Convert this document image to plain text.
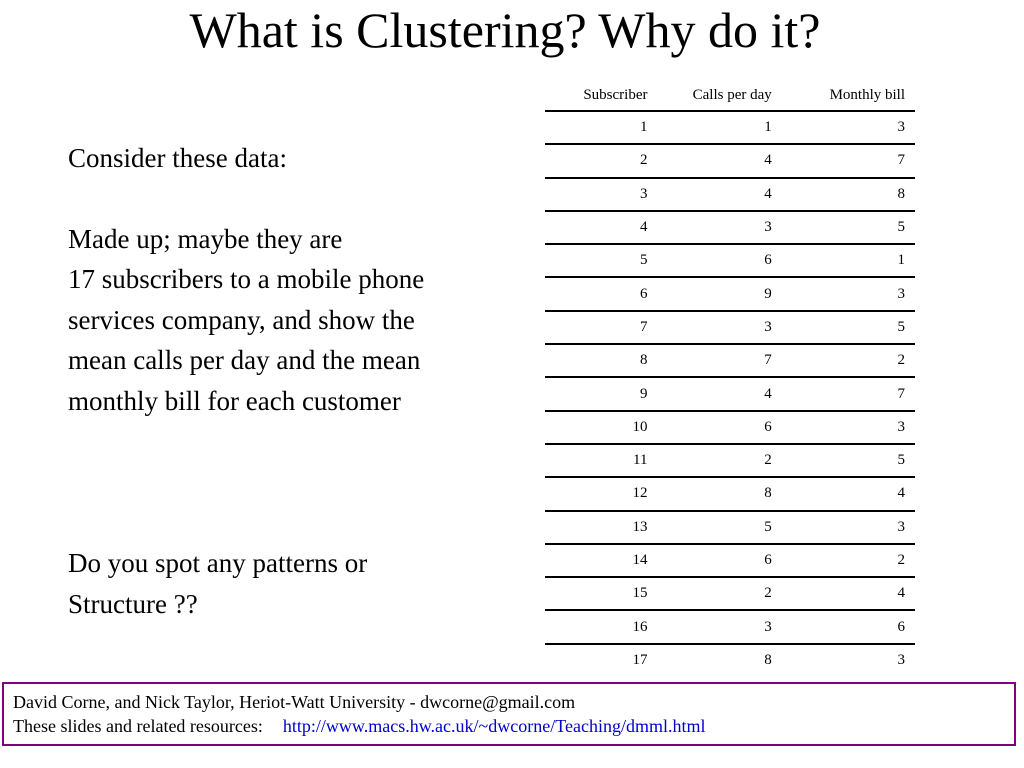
What is Clustering? Why do it?
Consider these data:
Made up; maybe they are
17 subscribers to a mobile phone
services company, and show the
mean calls per day and the mean
monthly bill for each customer
Do you spot any patterns or
Structure ??
Subscriber	Calls per day	Monthly bill
1	1	3
2	4	7
3	4	8
4	3	5
5	6	1
6	9	3
7	3	5
8	7	2
9	4	7
10	6	3
11	2	5
12	8	4
13	5	3
14	6	2
15	2	4
16	3	6
17	8	3
David Corne, and Nick Taylor, Heriot-Watt University - dwcorne@gmail.com
These slides and related resources: http://www.macs.hw.ac.uk/~dwcorne/Teaching/dmml.html
